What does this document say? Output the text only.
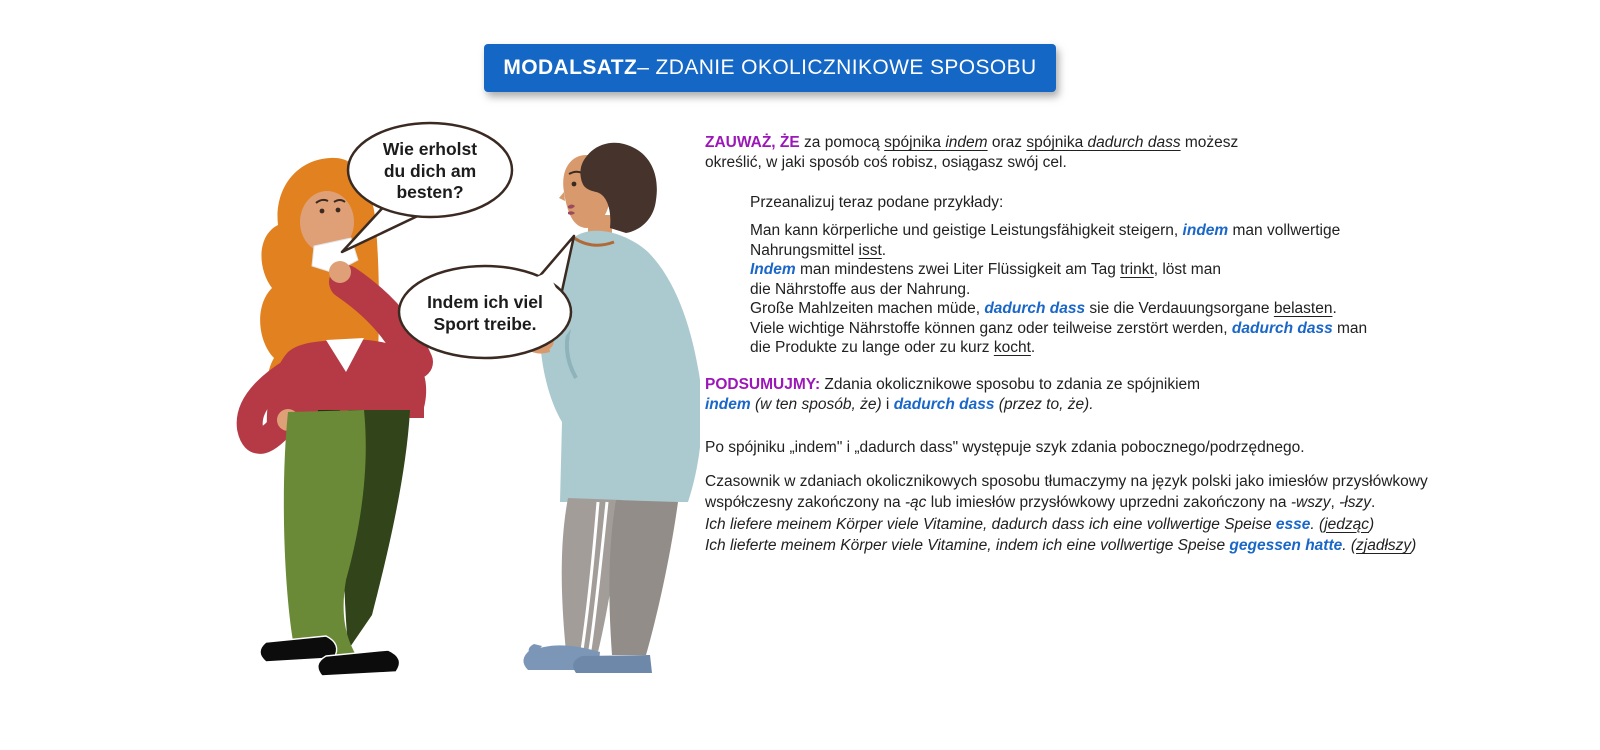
MODALSATZ – ZDANIE OKOLICZNIKOWE SPOSOBU
Wie erholst
du dich am
besten?
Indem ich viel
Sport treibe.
ZAUWAŻ, ŻE za pomocą spójnika indem oraz spójnika dadurch dass możesz
określić, w jaki sposób coś robisz, osiągasz swój cel.
Przeanalizuj teraz podane przykłady:
Man kann körperliche und geistige Leistungsfähigkeit steigern, indem man vollwertige
Nahrungsmittel isst.
Indem man mindestens zwei Liter Flüssigkeit am Tag trinkt, löst man
die Nährstoffe aus der Nahrung.
Große Mahlzeiten machen müde, dadurch dass sie die Verdauungsorgane belasten.
Viele wichtige Nährstoffe können ganz oder teilweise zerstört werden, dadurch dass man
die Produkte zu lange oder zu kurz kocht.
PODSUMUJMY: Zdania okolicznikowe sposobu to zdania ze spójnikiem
indem (w ten sposób, że) i dadurch dass (przez to, że).
Po spójniku „indem" i „dadurch dass" występuje szyk zdania pobocznego/podrzędnego.
Czasownik w zdaniach okolicznikowych sposobu tłumaczymy na język polski jako imiesłów przysłówkowy
współczesny zakończony na -ąc lub imiesłów przysłówkowy uprzedni zakończony na -wszy, -łszy.
Ich liefere meinem Körper viele Vitamine, dadurch dass ich eine vollwertige Speise esse. (jedząc)
Ich lieferte meinem Körper viele Vitamine, indem ich eine vollwertige Speise gegessen hatte. (zjadłszy)
